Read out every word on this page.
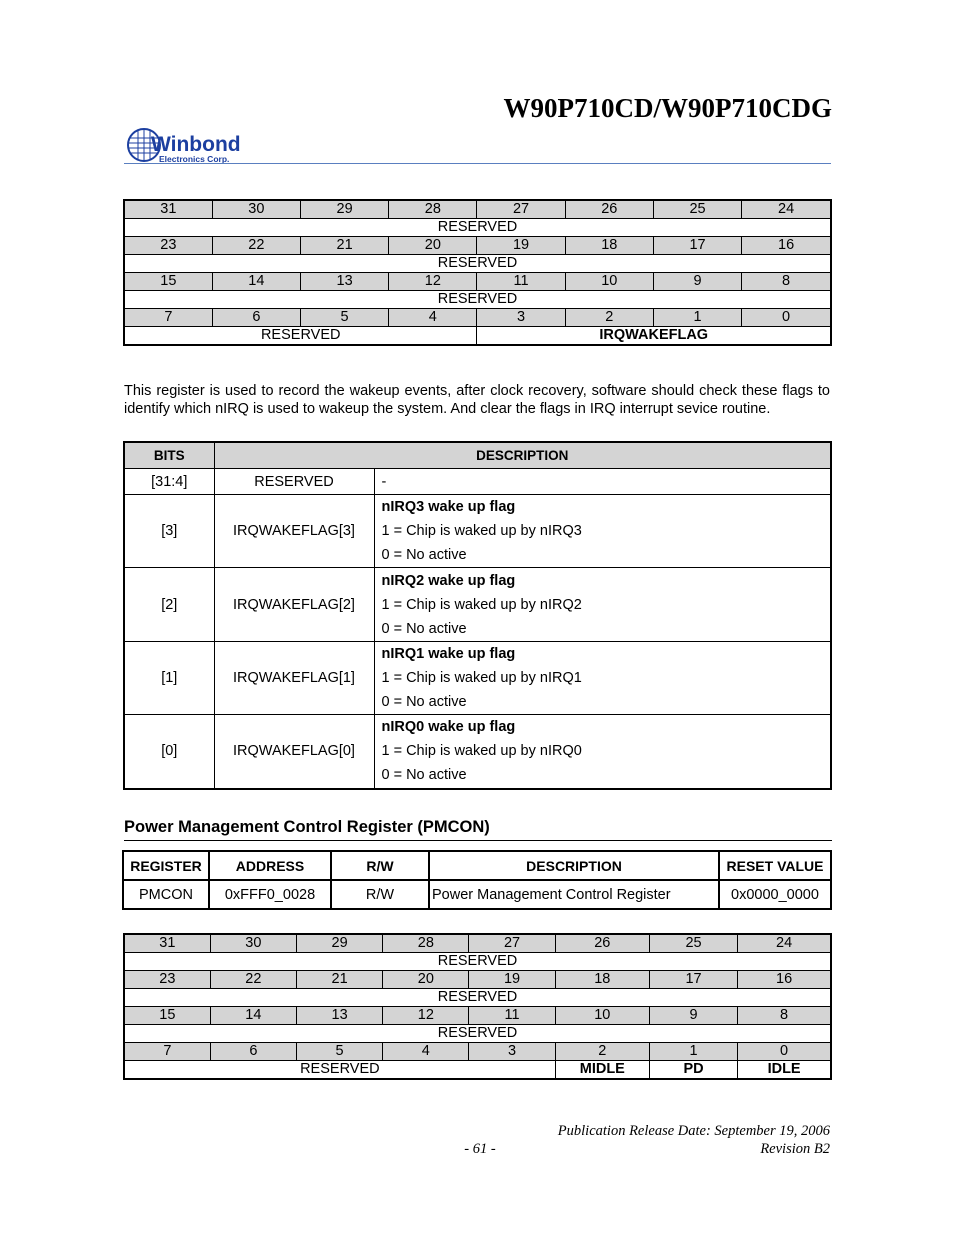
W90P710CD/W90P710CDG
Winbond
Electronics Corp.
31	30	29	28	27	26	25	24
RESERVED							
23	22	21	20	19	18	17	16
RESERVED							
15	14	13	12	11	10	9	8
RESERVED							
7	6	5	4	3	2	1	0
RESERVED				IRQWAKEFLAG			
This register is used to record the wakeup events, after clock recovery, software should check these flags to identify which nIRQ is used to wakeup the system. And clear the flags in IRQ interrupt sevice routine.
BITS	DESCRIPTION	
[31:4]	RESERVED	-
[3]	IRQWAKEFLAG[3]	nIRQ3 wake up flag
1 = Chip is waked up by nIRQ3
0 = No active

[2]	IRQWAKEFLAG[2]	nIRQ2 wake up flag
1 = Chip is waked up by nIRQ2
0 = No active

[1]	IRQWAKEFLAG[1]	nIRQ1 wake up flag
1 = Chip is waked up by nIRQ1
0 = No active

[0]	IRQWAKEFLAG[0]	nIRQ0 wake up flag
1 = Chip is waked up by nIRQ0
0 = No active
Power Management Control Register (PMCON)
REGISTER	ADDRESS	R/W	DESCRIPTION	RESET VALUE
PMCON	0xFFF0_0028	R/W	Power Management Control Register	0x0000_0000
31	30	29	28	27	26	25	24
RESERVED							
23	22	21	20	19	18	17	16
RESERVED							
15	14	13	12	11	10	9	8
RESERVED							
7	6	5	4	3	2	1	0
RESERVED					MIDLE	PD	IDLE
Publication Release Date: September 19, 2006
- 61 -	Revision B2
